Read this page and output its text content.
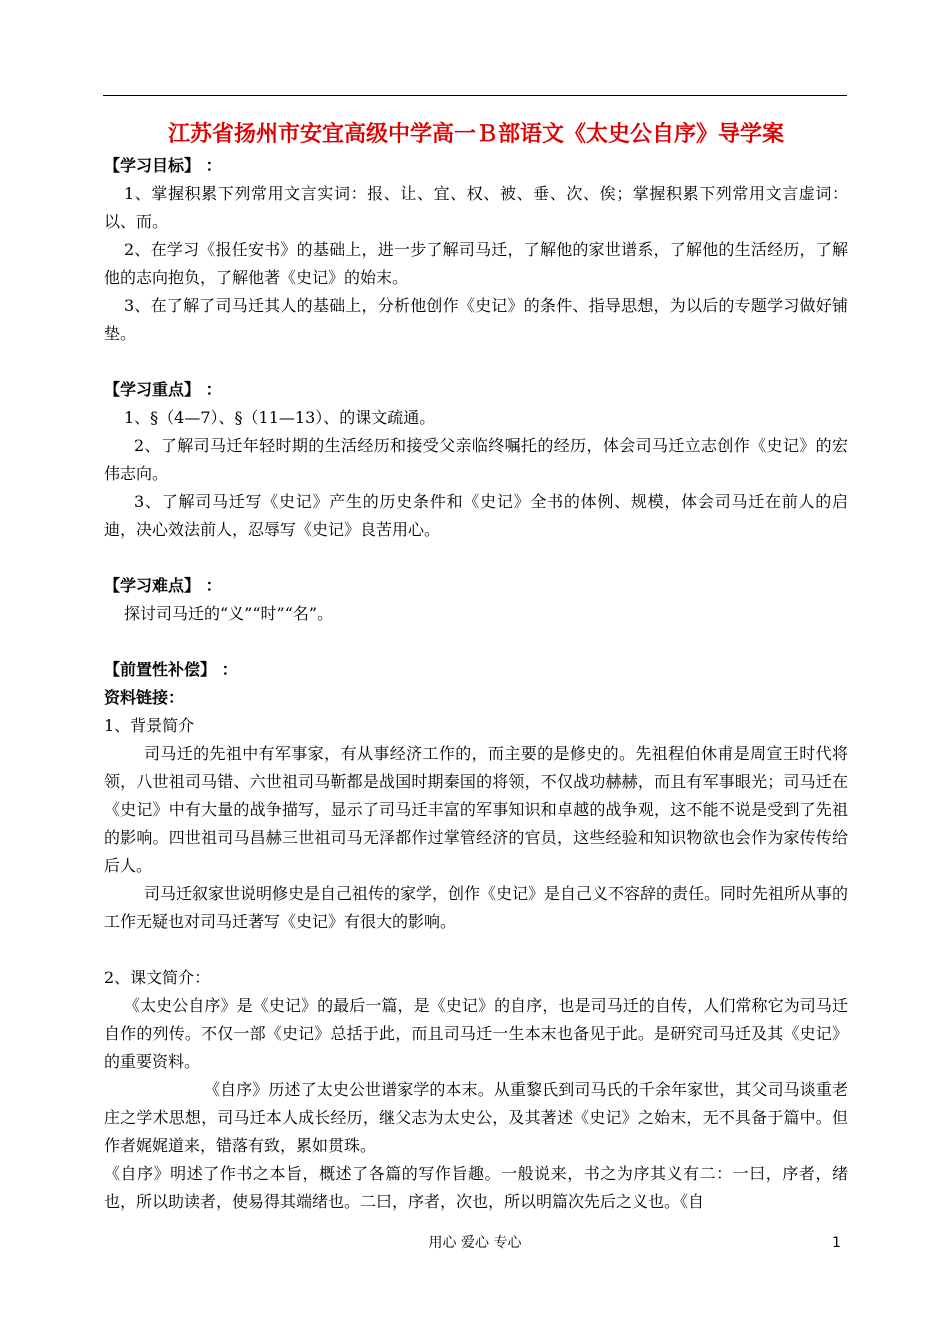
江苏省扬州市安宜高级中学高一Ｂ部语文《太史公自序》导学案

【学习目标】 ：

1、掌握积累下列常用文言实词：报、让、宜、权、被、垂、次、俟；掌握积累下列常用文言虚词：以、而。

2、在学习《报任安书》的基础上，进一步了解司马迁，了解他的家世谱系，了解他的生活经历，了解他的志向抱负，了解他著《史记》的始末。

3、在了解了司马迁其人的基础上，分析他创作《史记》的条件、指导思想，为以后的专题学习做好铺垫。

【学习重点】 ：

1、§（4—7）、§（11—13）、的课文疏通。

2、了解司马迁年轻时期的生活经历和接受父亲临终嘱托的经历，体会司马迁立志创作《史记》的宏伟志向。

3、了解司马迁写《史记》产生的历史条件和《史记》全书的体例、规模，体会司马迁在前人的启迪，决心效法前人，忍辱写《史记》良苦用心。

【学习难点】 ：

探讨司马迁的“义”“时”“名”。

【前置性补偿】 ：

资料链接：

1、背景简介

司马迁的先祖中有军事家，有从事经济工作的，而主要的是修史的。先祖程伯休甫是周宣王时代将领，八世祖司马错、六世祖司马靳都是战国时期秦国的将领，不仅战功赫赫，而且有军事眼光；司马迁在《史记》中有大量的战争描写，显示了司马迁丰富的军事知识和卓越的战争观，这不能不说是受到了先祖的影响。四世祖司马昌赫三世祖司马无泽都作过掌管经济的官员，这些经验和知识物欲也会作为家传传给后人。

司马迁叙家世说明修史是自己祖传的家学，创作《史记》是自己义不容辞的责任。同时先祖所从事的工作无疑也对司马迁著写《史记》有很大的影响。

2、课文简介：

《太史公自序》是《史记》的最后一篇，是《史记》的自序，也是司马迁的自传，人们常称它为司马迁自作的列传。不仅一部《史记》总括于此，而且司马迁一生本末也备见于此。是研究司马迁及其《史记》的重要资料。

《自序》历述了太史公世谱家学的本末。从重黎氏到司马氏的千余年家世，其父司马谈重老庄之学术思想，司马迁本人成长经历，继父志为太史公，及其著述《史记》之始末，无不具备于篇中。但作者娓娓道来，错落有致，累如贯珠。

《自序》明述了作书之本旨，概述了各篇的写作旨趣。一般说来，书之为序其义有二：一曰，序者，绪也，所以助读者，使易得其端绪也。二曰，序者，次也，所以明篇次先后之义也。《自

用心 爱心 专心	1
